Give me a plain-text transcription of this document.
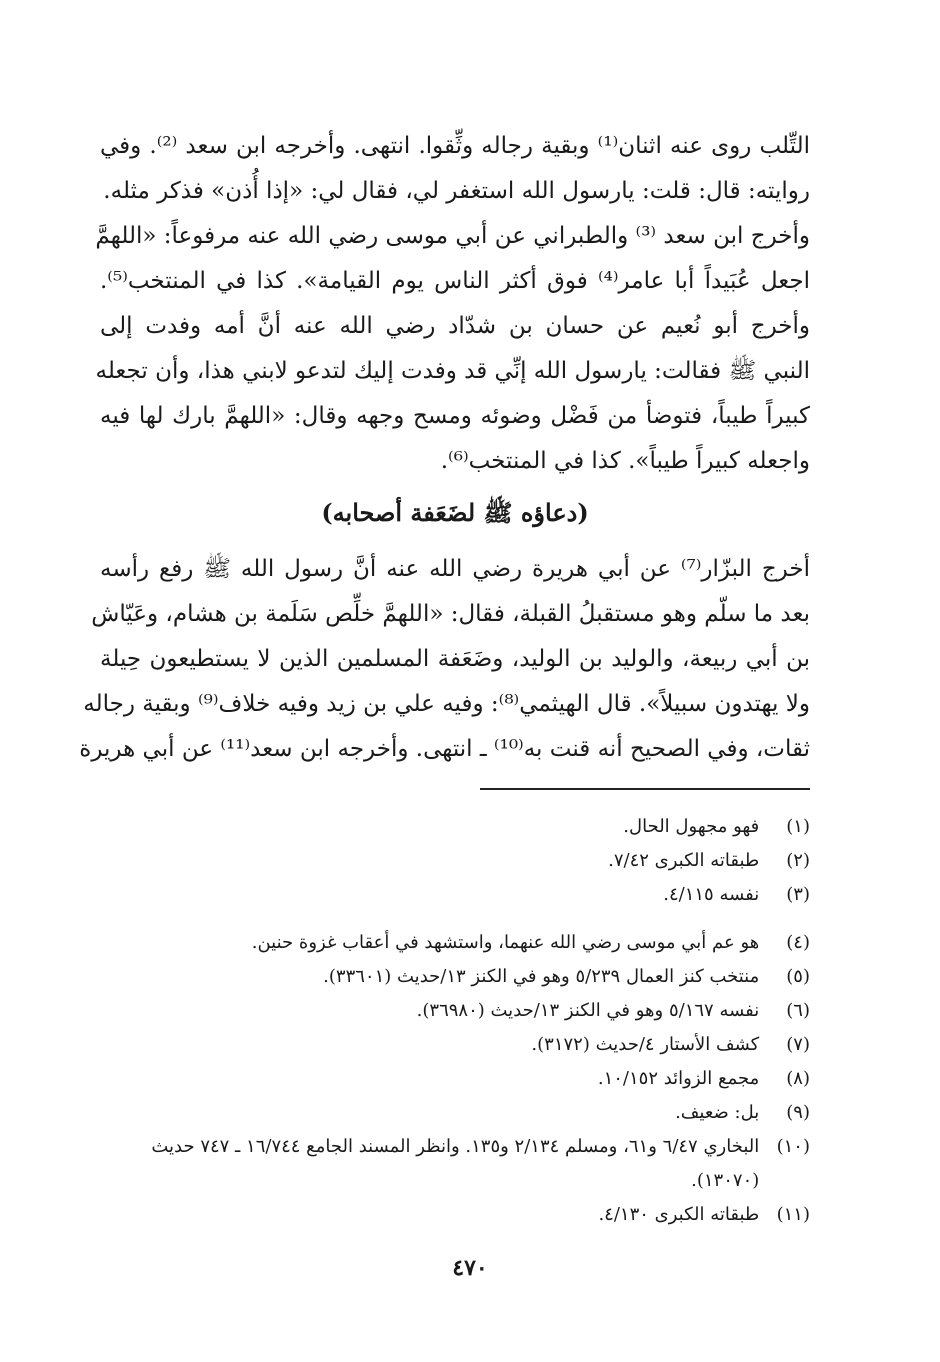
التِّلب روى عنه اثنان⁽¹⁾ وبقية رجاله وثِّقوا. انتهى. وأخرجه ابن سعد ⁽²⁾. وفي
روايته: قال: قلت: يارسول الله استغفر لي، فقال لي: «إذا أُذن» فذكر مثله.
وأخرج ابن سعد ⁽³⁾ والطبراني عن أبي موسى رضي الله عنه مرفوعاً: «اللهمَّ
اجعل عُبَيداً أبا عامر⁽⁴⁾ فوق أكثر الناس يوم القيامة». كذا في المنتخب⁽⁵⁾.
وأخرج أبو نُعيم عن حسان بن شدّاد رضي الله عنه أنَّ أمه وفدت إلى
النبي ﷺ فقالت: يارسول الله إنِّي قد وفدت إليك لتدعو لابني هذا، وأن تجعله
كبيراً طيباً، فتوضأ من فَضْل وضوئه ومسح وجهه وقال: «اللهمَّ بارك لها فيه
واجعله كبيراً طيباً». كذا في المنتخب⁽⁶⁾.
(دعاؤه ﷺ لضَعَفة أصحابه)
أخرج البزّار⁽⁷⁾ عن أبي هريرة رضي الله عنه أنَّ رسول الله ﷺ رفع رأسه
بعد ما سلّم وهو مستقبلُ القبلة، فقال: «اللهمَّ خلِّص سَلَمة بن هشام، وعَيّاش
بن أبي ربيعة، والوليد بن الوليد، وضَعَفة المسلمين الذين لا يستطيعون حِيلة
ولا يهتدون سبيلاً». قال الهيثمي⁽⁸⁾: وفيه علي بن زيد وفيه خلاف⁽⁹⁾ وبقية رجاله
ثقات، وفي الصحيح أنه قنت به⁽¹⁰⁾ ـ انتهى. وأخرجه ابن سعد⁽¹¹⁾ عن أبي هريرة
(١) فهو مجهول الحال.
(٢) طبقاته الكبرى ٧/٤٢.
(٣) نفسه ٤/١١٥.
(٤) هو عم أبي موسى رضي الله عنهما، واستشهد في أعقاب غزوة حنين.
(٥) منتخب كنز العمال ٥/٢٣٩ وهو في الكنز ١٣/حديث (٣٣٦٠١).
(٦) نفسه ٥/١٦٧ وهو في الكنز ١٣/حديث (٣٦٩٨٠).
(٧) كشف الأستار ٤/حديث (٣١٧٢).
(٨) مجمع الزوائد ١٠/١٥٢.
(٩) بل: ضعيف.
(١٠) البخاري ٦/٤٧ و٦١، ومسلم ٢/١٣٤ و١٣٥. وانظر المسند الجامع ١٦/٧٤٤ ـ ٧٤٧ حديث (١٣٠٧٠).
(١١) طبقاته الكبرى ٤/١٣٠.
٤٧٠
